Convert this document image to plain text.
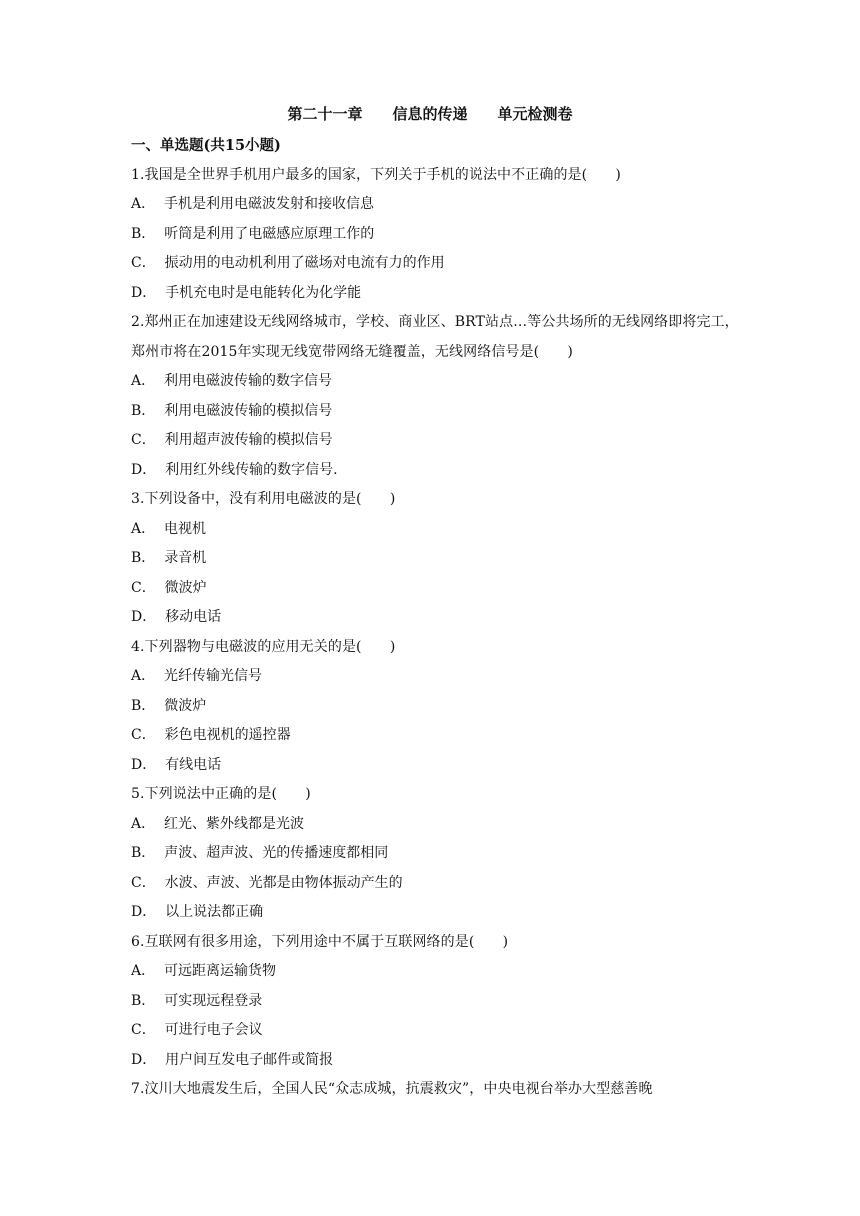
第二十一章　　信息的传递　　单元检测卷
一、单选题(共15小题)
1.我国是全世界手机用户最多的国家，下列关于手机的说法中不正确的是(　　)
A．  手机是利用电磁波发射和接收信息
B．  听筒是利用了电磁感应原理工作的
C．  振动用的电动机利用了磁场对电流有力的作用
D．  手机充电时是电能转化为化学能
2.郑州正在加速建设无线网络城市，学校、商业区、BRT站点…等公共场所的无线网络即将完工，郑州市将在2015年实现无线宽带网络无缝覆盖，无线网络信号是(　　)
A．  利用电磁波传输的数字信号
B．  利用电磁波传输的模拟信号
C．  利用超声波传输的模拟信号
D．  利用红外线传输的数字信号.
3.下列设备中，没有利用电磁波的是(　　)
A．  电视机
B．  录音机
C．  微波炉
D．  移动电话
4.下列器物与电磁波的应用无关的是(　　)
A．  光纤传输光信号
B．  微波炉
C．  彩色电视机的遥控器
D．  有线电话
5.下列说法中正确的是(　　)
A．  红光、紫外线都是光波
B．  声波、超声波、光的传播速度都相同
C．  水波、声波、光都是由物体振动产生的
D．  以上说法都正确
6.互联网有很多用途，下列用途中不属于互联网络的是(　　)
A．  可远距离运输货物
B．  可实现远程登录
C．  可进行电子会议
D．  用户间互发电子邮件或简报
7.汶川大地震发生后，全国人民“众志成城，抗震救灾”，中央电视台举办大型慈善晚
